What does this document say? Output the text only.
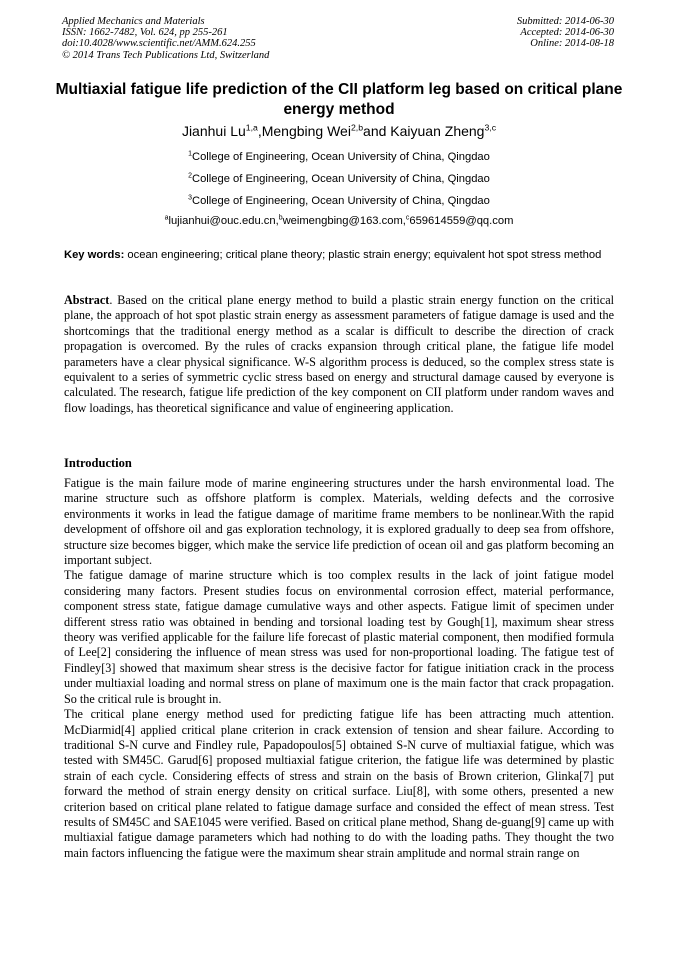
Applied Mechanics and Materials
ISSN: 1662-7482, Vol. 624, pp 255-261
doi:10.4028/www.scientific.net/AMM.624.255
© 2014 Trans Tech Publications Ltd, Switzerland
Submitted: 2014-06-30
Accepted: 2014-06-30
Online: 2014-08-18
Multiaxial fatigue life prediction of the CII platform leg based on critical plane energy method
Jianhui Lu$^{1,a}$,Mengbing Wei$^{2,b}$and Kaiyuan Zheng$^{3,c}$
$^1$College of Engineering, Ocean University of China, Qingdao
$^2$College of Engineering, Ocean University of China, Qingdao
$^3$College of Engineering, Ocean University of China, Qingdao
$^a$lujianhui@ouc.edu.cn,$^b$weimengbing@163.com,$^c$659614559@qq.com
Key words: ocean engineering; critical plane theory; plastic strain energy; equivalent hot spot stress method
Abstract. Based on the critical plane energy method to build a plastic strain energy function on the critical plane, the approach of hot spot plastic strain energy as assessment parameters of fatigue damage is used and the shortcomings that the traditional energy method as a scalar is difficult to describe the direction of crack propagation is overcomed. By the rules of cracks expansion through critical plane, the fatigue life model parameters have a clear physical significance. W-S algorithm process is deduced, so the complex stress state is equivalent to a series of symmetric cyclic stress based on energy and structural damage caused by everyone is calculated. The research, fatigue life prediction of the key component on CII platform under random waves and flow loadings, has theoretical significance and value of engineering application.
Introduction

Fatigue is the main failure mode of marine engineering structures under the harsh environmental load. The marine structure such as offshore platform is complex. Materials, welding defects and the corrosive environments it works in lead the fatigue damage of maritime frame members to be nonlinear.With the rapid development of offshore oil and gas exploration technology, it is explored gradually to deep sea from offshore, structure size becomes bigger, which make the service life prediction of ocean oil and gas platform becoming an important subject.

The fatigue damage of marine structure which is too complex results in the lack of joint fatigue model considering many factors. Present studies focus on environmental corrosion effect, material performance, component stress state, fatigue damage cumulative ways and other aspects. Fatigue limit of specimen under different stress ratio was obtained in bending and torsional loading test by Gough[1], maximum shear stress theory was verified applicable for the failure life forecast of plastic material component, then modified formula of Lee[2] considering the influence of mean stress was used for non-proportional loading. The fatigue test of Findley[3] showed that maximum shear stress is the decisive factor for fatigue initiation crack in the process under multiaxial loading and normal stress on plane of maximum one is the main factor that crack propagation. So the critical rule is brought in.

The critical plane energy method used for predicting fatigue life has been attracting much attention. McDiarmid[4] applied critical plane criterion in crack extension of tension and shear failure. According to traditional S-N curve and Findley rule, Papadopoulos[5] obtained S-N curve of multiaxial fatigue, which was tested with SM45C. Garud[6] proposed multiaxial fatigue criterion, the fatigue life was determined by plastic strain of each cycle. Considering effects of stress and strain on the basis of Brown criterion, Glinka[7] put forward the method of strain energy density on critical surface. Liu[8], with some others, presented a new criterion based on critical plane related to fatigue damage surface and consided the effect of mean stress. Test results of SM45C and SAE1045 were verified. Based on critical plane method, Shang de-guang[9] came up with multiaxial fatigue damage parameters which had nothing to do with the loading paths. They thought the two main factors influencing the fatigue were the maximum shear strain amplitude and normal strain range on
